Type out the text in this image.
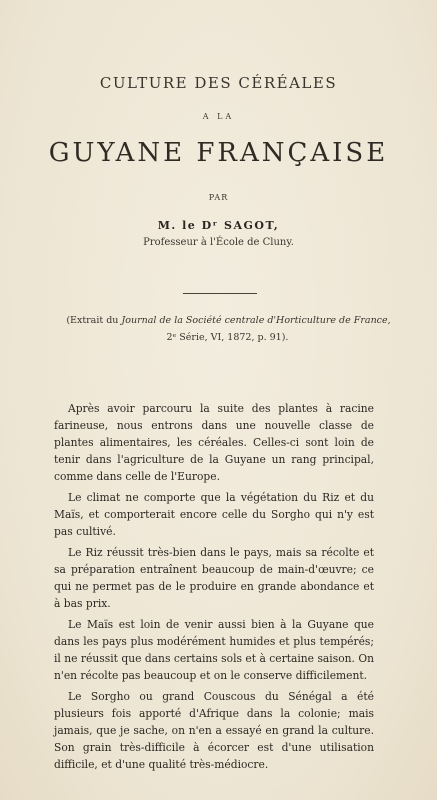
CULTURE DES CÉRÉALES
A LA
GUYANE FRANÇAISE
PAR
M. le Dʳ SAGOT,
Professeur à l'École de Cluny.
(Extrait du Journal de la Société centrale d'Horticulture de France,
2ᵉ Série, VI, 1872, p. 91).

Après avoir parcouru la suite des plantes à racine farineuse, nous entrons dans une nouvelle classe de plantes alimentaires, les céréales. Celles-ci sont loin de tenir dans l'agriculture de la Guyane un rang principal, comme dans celle de l'Europe.

Le climat ne comporte que la végétation du Riz et du Maïs, et comporterait encore celle du Sorgho qui n'y est pas cultivé.

Le Riz réussit très-bien dans le pays, mais sa récolte et sa préparation entraînent beaucoup de main-d'œuvre; ce qui ne permet pas de le produire en grande abondance et à bas prix.

Le Maïs est loin de venir aussi bien à la Guyane que dans les pays plus modérément humides et plus tempérés; il ne réussit que dans certains sols et à certaine saison. On n'en récolte pas beaucoup et on le conserve difficilement.

Le Sorgho ou grand Couscous du Sénégal a été plusieurs fois apporté d'Afrique dans la colonie; mais jamais, que je sache, on n'en a essayé en grand la culture. Son grain très-difficile à écorcer est d'une utilisation difficile, et d'une qualité très-médiocre.
